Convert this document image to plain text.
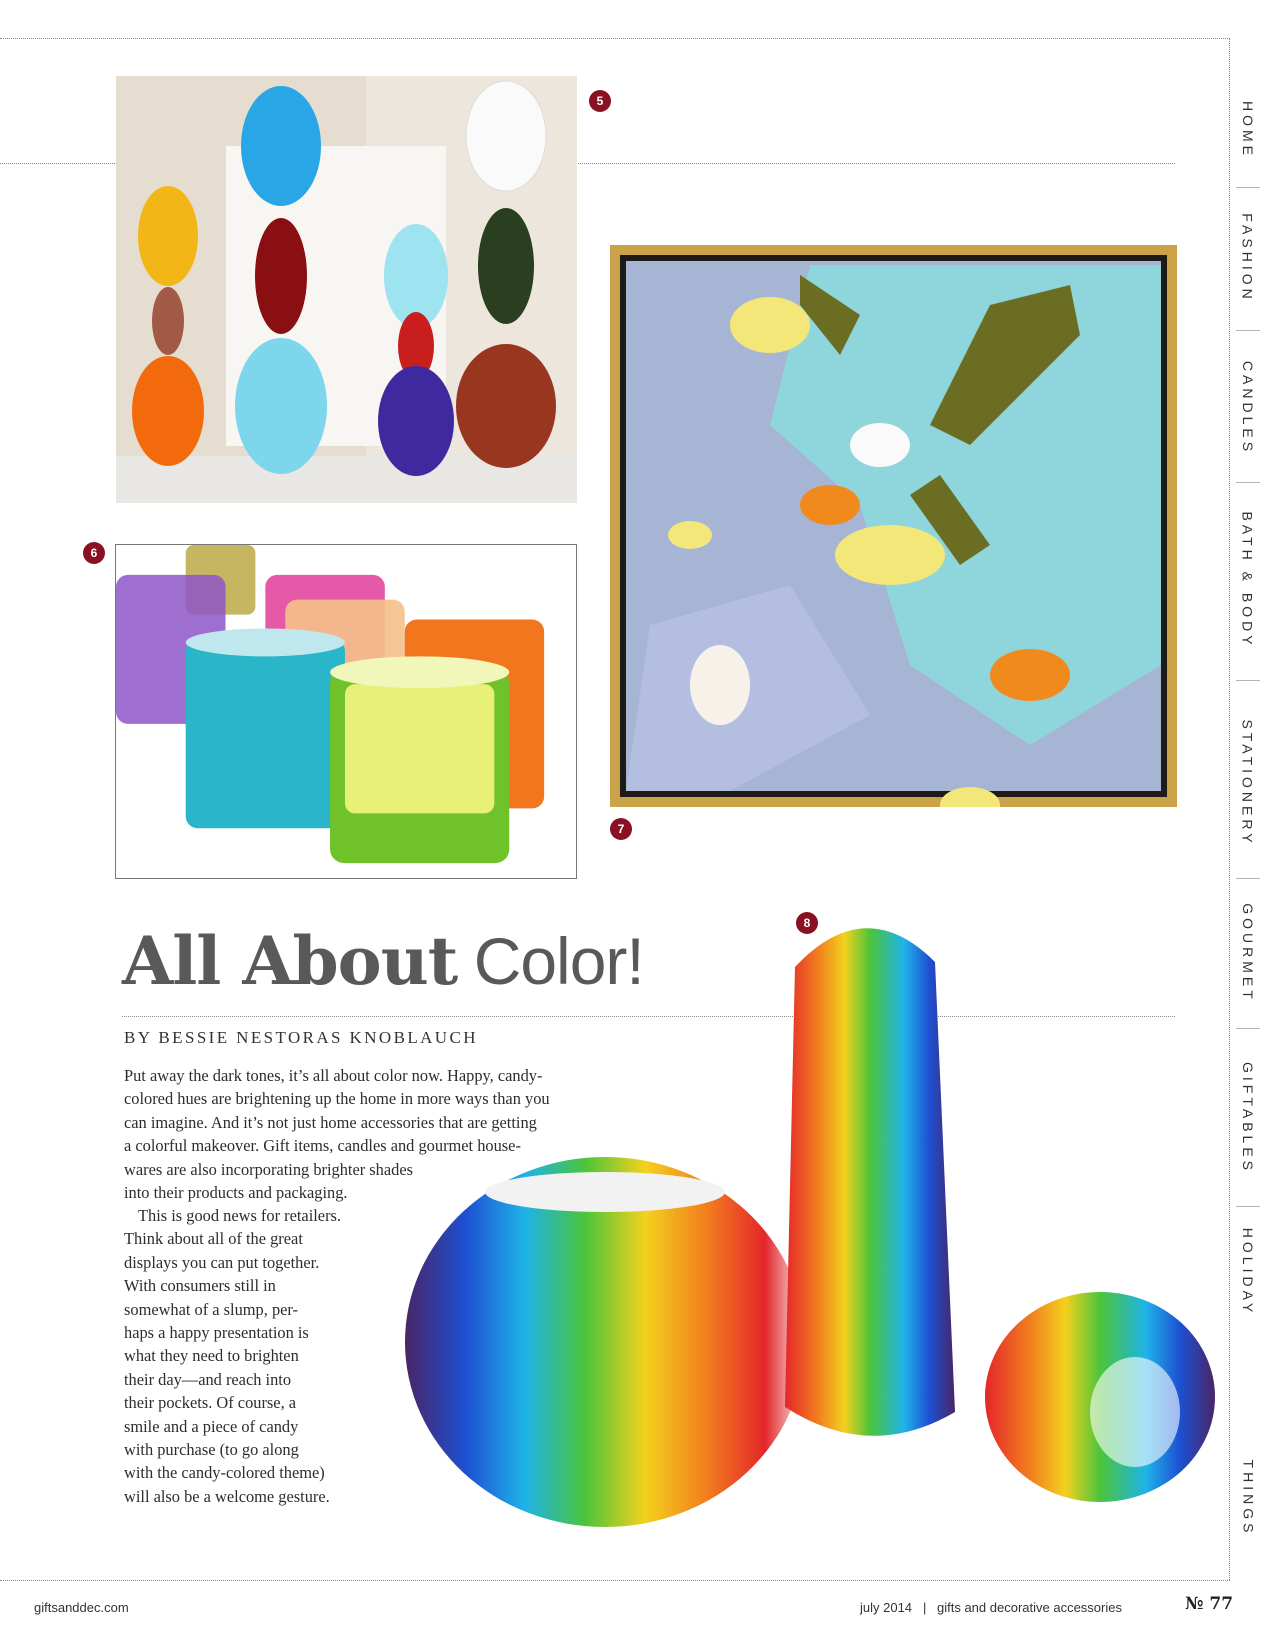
5
6
7
8
All About Color!
BY BESSIE NESTORAS KNOBLAUCH

Put away the dark tones, it’s all about color now. Happy, candy-
colored hues are brightening up the home in more ways than you
can imagine. And it’s not just home accessories that are getting
a colorful makeover. Gift items, candles and gourmet house-
wares are also incorporating brighter shades
into their products and packaging.

This is good news for retailers.
Think about all of the great
displays you can put together.
With consumers still in
somewhat of a slump, per-
haps a happy presentation is
what they need to brighten
their day—and reach into
their pockets. Of course, a
smile and a piece of candy
with purchase (to go along
with the candy-colored theme)
will also be a welcome gesture.

HOME
FASHION
CANDLES
BATH & BODY
STATIONERY
GOURMET
GIFTABLES
HOLIDAY
THINGS
giftsanddec.com	july 2014 | gifts and decorative accessories	№ 77
